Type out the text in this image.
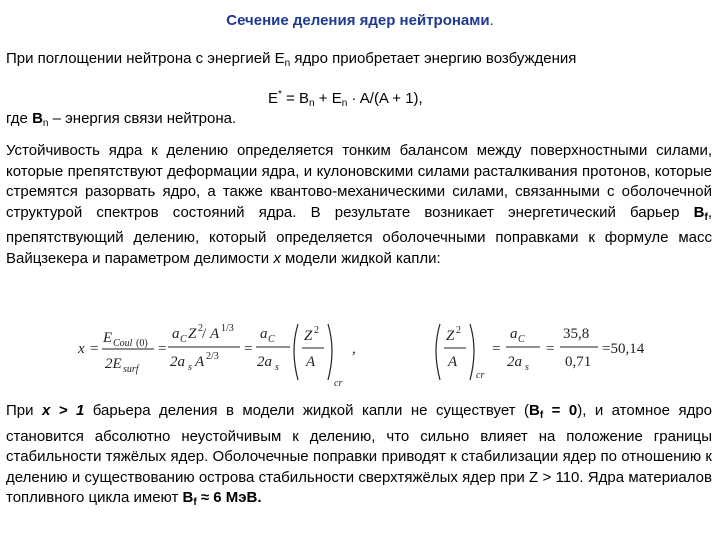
Сечение деления ядер нейтронами.
При поглощении нейтрона с энергией $E_n$ ядро приобретает энергию возбуждения
$E^* = B_n + E_n \cdot A/(A + 1)$,
где $B_n$ – энергия связи нейтрона.
Устойчивость ядра к делению определяется тонким балансом между поверхностными силами, которые препятствуют деформации ядра, и кулоновскими силами расталкивания протонов, которые стремятся разорвать ядро, а также квантово-механическими силами, связанными с оболочечной структурой спектров состояний ядра. В результате возникает энергетический барьер $B_f$, препятствующий делению, который определяется оболочечными поправками к формуле масс Вайцзекера и параметром делимости x модели жидкой капли:
x =
E Coul (0)
2E surf
=
a C Z 2 / A 1/3
2a s A 2/3 =
a C
2a s
Z 2
A
cr
,
Z 2
A
cr
=
a C
2a s
=
35,8
0,71
=50,14
При x > 1 барьера деления в модели жидкой капли не существует $(B_f = 0)$, и атомное ядро становится абсолютно неустойчивым к делению, что сильно влияет на положение границы стабильности тяжёлых ядер. Оболочечные поправки приводят к стабилизации ядер по отношению к делению и существованию острова стабильности сверхтяжёлых ядер при Z > 110. Ядра материалов топливного цикла имеют $B_f \approx 6$ МэВ.
